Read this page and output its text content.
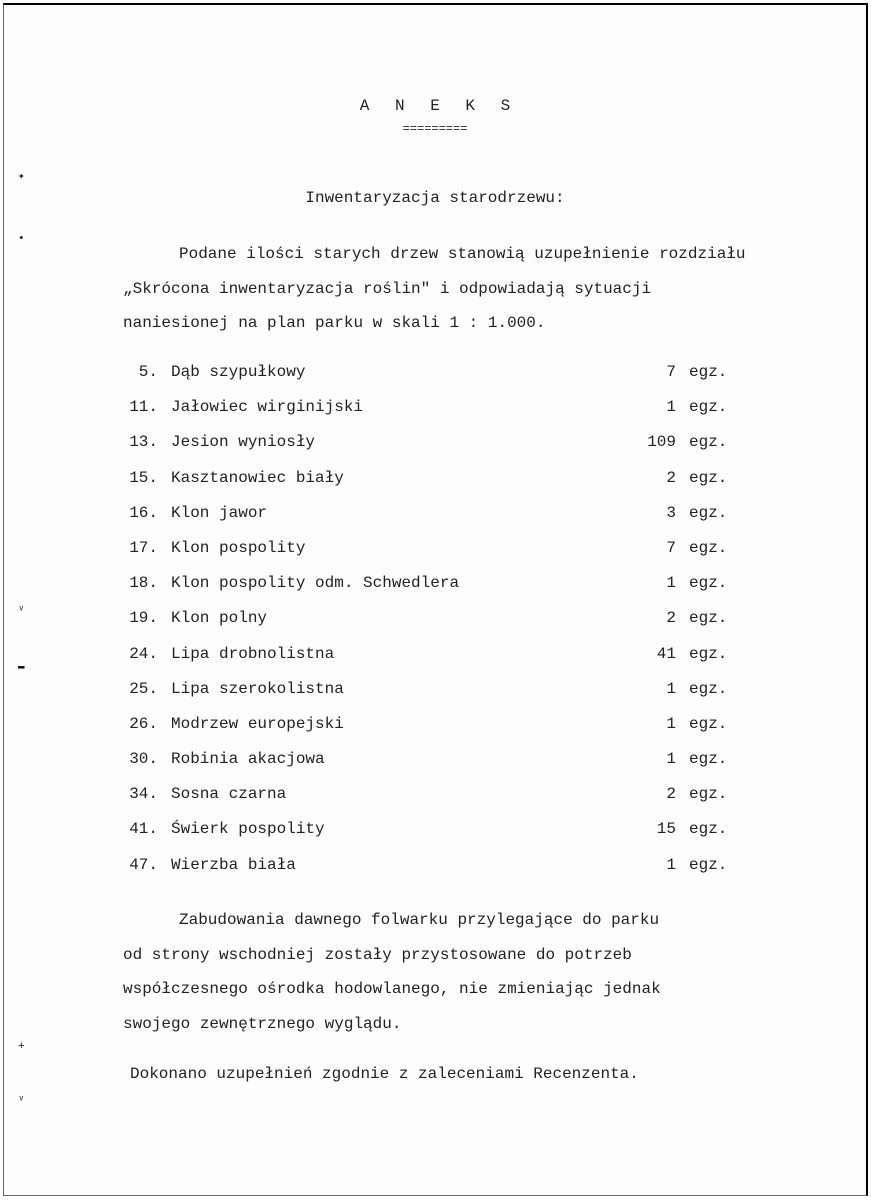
✦
•
ᵛ
▬
+
ᵛ
A N E K S
=========
Inwentaryzacja starodrzewu:
Podane ilości starych drzew stanowią uzupełnienie rozdziału
„Skrócona inwentaryzacja roślin" i odpowiadają sytuacji
naniesionej na plan parku w skali 1 : 1.000.
5. Dąb szypułkowy	7 egz.
11. Jałowiec wirginijski	1 egz.
13. Jesion wyniosły	109 egz.
15. Kasztanowiec biały	2 egz.
16. Klon jawor	3 egz.
17. Klon pospolity	7 egz.
18. Klon pospolity odm. Schwedlera	1 egz.
19. Klon polny	2 egz.
24. Lipa drobnolistna	41 egz.
25. Lipa szerokolistna	1 egz.
26. Modrzew europejski	1 egz.
30. Robinia akacjowa	1 egz.
34. Sosna czarna	2 egz.
41. Świerk pospolity	15 egz.
47. Wierzba biała	1 egz.
Zabudowania dawnego folwarku przylegające do parku
od strony wschodniej zostały przystosowane do potrzeb
współczesnego ośrodka hodowlanego, nie zmieniając jednak
swojego zewnętrznego wyglądu.
Dokonano uzupełnień zgodnie z zaleceniami Recenzenta.
